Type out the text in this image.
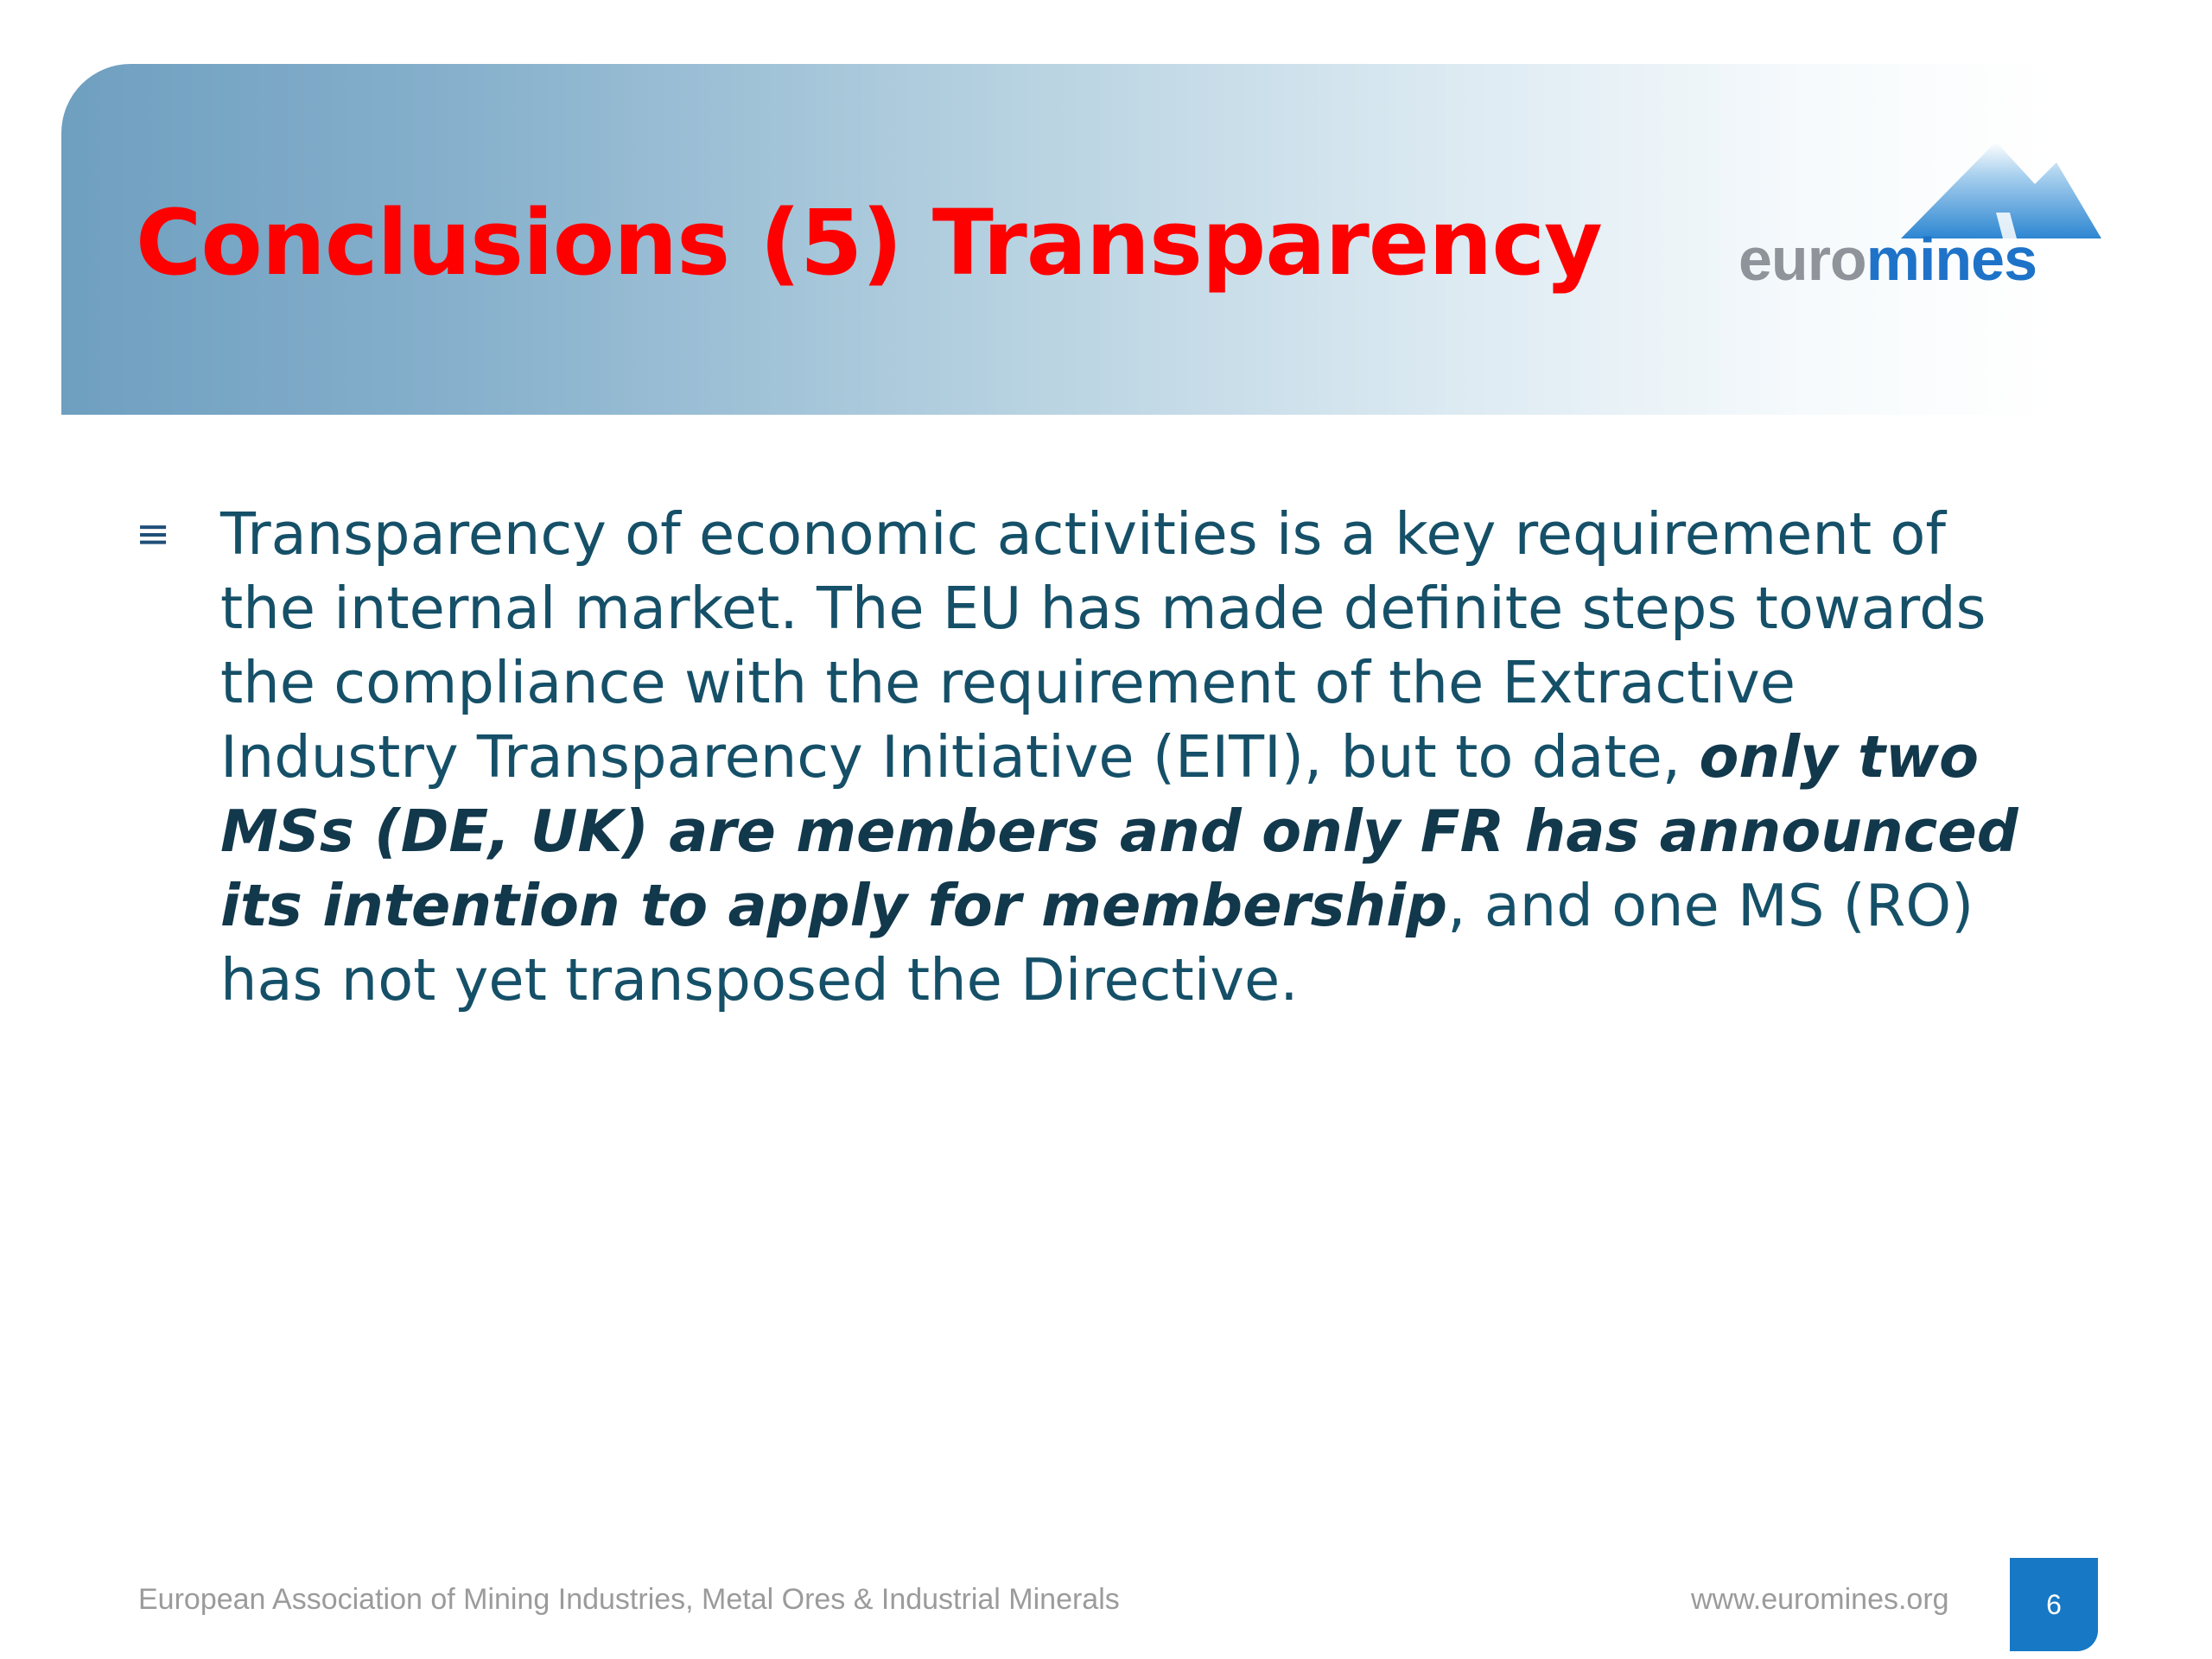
Conclusions (5) Transparency euromines
≡ Transparency of economic activities is a key requirement of the internal market. The EU has made definite steps towards the compliance with the requirement of the Extractive Industry Transparency Initiative (EITI), but to date, only two MSs (DE, UK) are members and only FR has announced its intention to apply for membership, and one MS (RO) has not yet transposed the Directive.
European Association of Mining Industries, Metal Ores & Industrial Minerals	www.euromines.org	6
